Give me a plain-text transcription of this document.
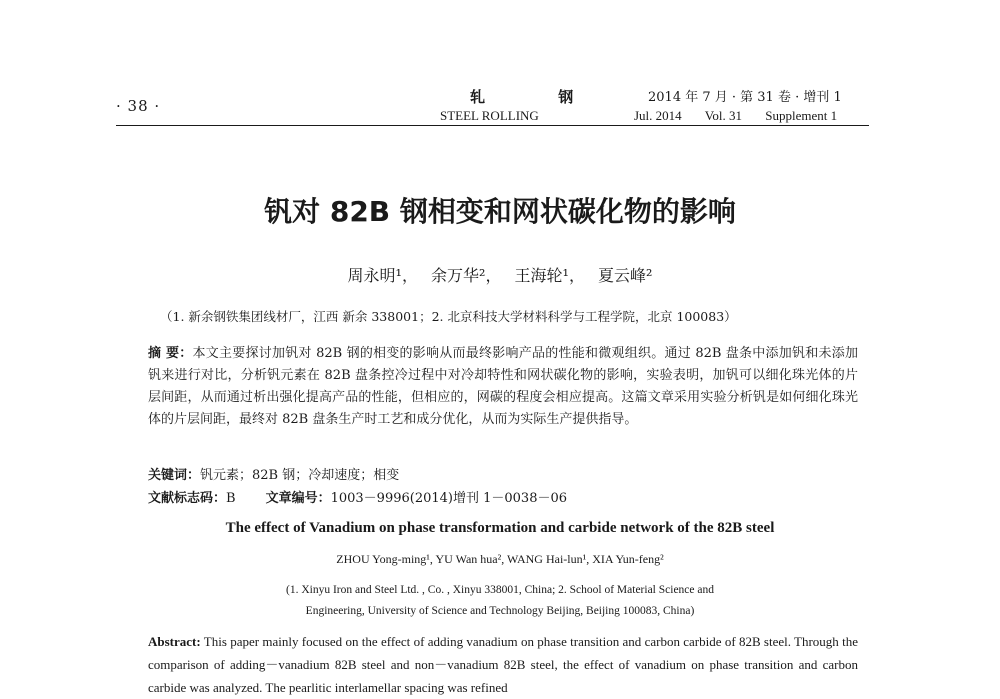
· 38 ·	轧 钢
STEEL ROLLING
2014 年 7 月 · 第 31 卷 · 增刊 1
Jul. 2014 Vol. 31 Supplement 1
钒对 82B 钢相变和网状碳化物的影响
周永明¹， 余万华²， 王海轮¹， 夏云峰²
（1. 新余钢铁集团线材厂，江西 新余 338001；2. 北京科技大学材料科学与工程学院，北京 100083）

摘 要：本文主要探讨加钒对 82B 钢的相变的影响从而最终影响产品的性能和微观组织。通过 82B 盘条中添加钒和未添加钒来进行对比，分析钒元素在 82B 盘条控冷过程中对冷却特性和网状碳化物的影响，实验表明，加钒可以细化珠光体的片层间距，从而通过析出强化提高产品的性能，但相应的，网碳的程度会相应提高。这篇文章采用实验分析钒是如何细化珠光体的片层间距，最终对 82B 盘条生产时工艺和成分优化，从而为实际生产提供指导。

关键词：钒元素；82B 钢；冷却速度；相变
文献标志码：B 文章编号：1003－9996(2014)增刊 1－0038－06
The effect of Vanadium on phase transformation and carbide network of the 82B steel
ZHOU Yong-ming¹, YU Wan hua², WANG Hai-lun¹, XIA Yun-feng²
(1. Xinyu Iron and Steel Ltd. , Co. , Xinyu 338001, China; 2. School of Material Science and
Engineering, University of Science and Technology Beijing, Beijing 100083, China)
Abstract: This paper mainly focused on the effect of adding vanadium on phase transition and carbon carbide of 82B steel. Through the comparison of adding－vanadium 82B steel and non－vanadium 82B steel, the effect of vanadium on phase transition and carbon carbide was analyzed. The pearlitic interlamellar spacing was refined
